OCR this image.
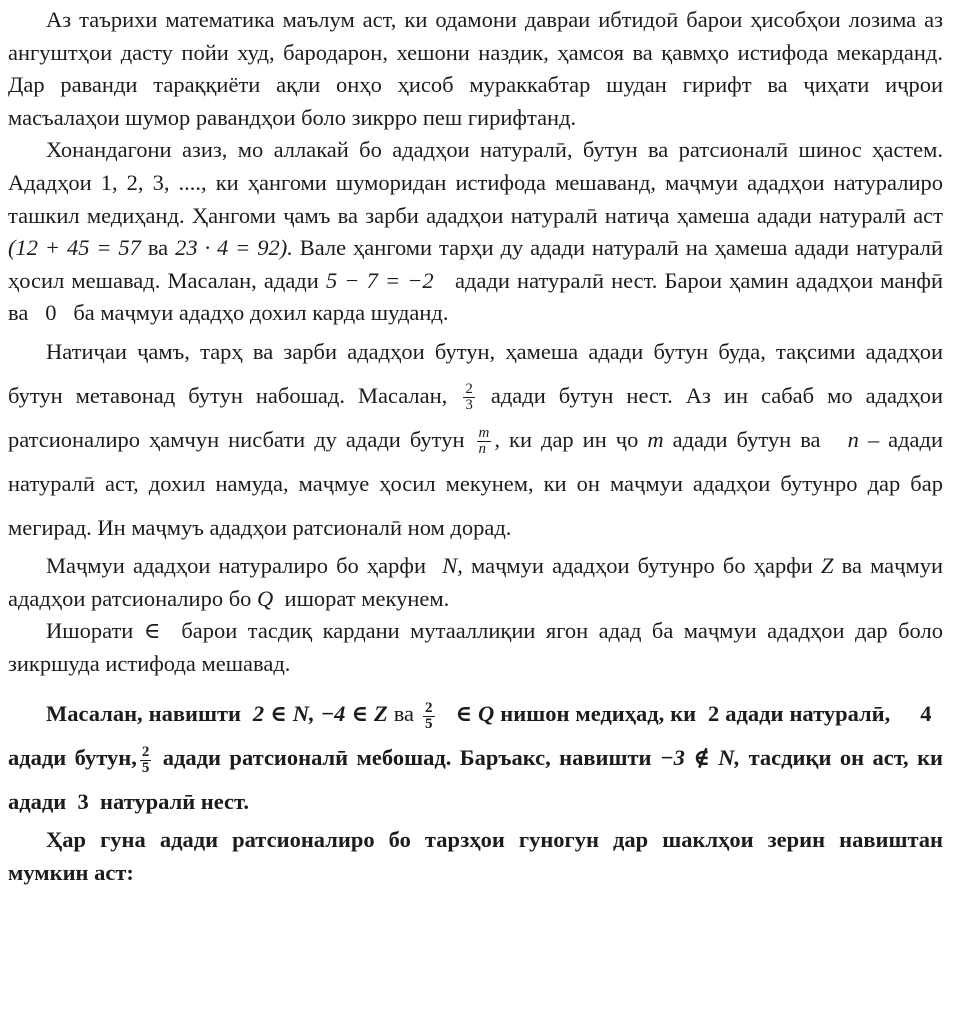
Аз таърихи математика маълум аст, ки одамони давраи ибтидоӣ барои ҳисобҳои лозима аз ангуштҳои дасту пойи худ, бародарон, хешони наздик, ҳамсоя ва қавмҳо истифода мекарданд. Дар раванди тараққиёти ақли онҳо ҳисоб мураккабтар шудан гирифт ва ҷиҳати иҷрои масъалаҳои шумор равандҳои боло зикрро пеш гирифтанд.

Хонандагони азиз, мо аллакай бо ададҳои натуралӣ, бутун ва ратсионалӣ шинос ҳастем. Ададҳои 1, 2, 3, ...., ки ҳангоми шуморидан истифода мешаванд, маҷмуи ададҳои натуралиро ташкил медиҳанд. Ҳангоми ҷамъ ва зарби ададҳои натуралӣ натиҷа ҳамеша адади натуралӣ аст (12 + 45 = 57 ва 23 · 4 = 92). Вале ҳангоми тарҳи ду адади натуралӣ на ҳамеша адади натуралӣ ҳосил мешавад. Масалан, адади 5 − 7 = −2 адади натуралӣ нест. Барои ҳамин ададҳои манфӣ ва 0 ба маҷмуи ададҳо дохил карда шуданд.

Натиҷаи ҷамъ, тарҳ ва зарби ададҳои бутун, ҳамеша адади бутун буда, тақсими ададҳои бутун метавонад бутун набошад. Масалан, $\frac{2}{3}$ адади бутун нест. Аз ин сабаб мо ададҳои ратсионалиро ҳамчун нисбати ду адади бутун $\frac{m}{n}$ , ки дар ин ҷо m адади бутун ва n – адади натуралӣ аст, дохил намуда, маҷмуе ҳосил мекунем, ки он маҷмуи ададҳои бутунро дар бар мегирад. Ин маҷмуъ ададҳои ратсионалӣ ном дорад.

Маҷмуи ададҳои натуралиро бо ҳарфи N, маҷмуи ададҳои бутунро бо ҳарфи Z ва маҷмуи ададҳои ратсионалиро бо Q ишорат мекунем.

Ишорати ∈ барои тасдиқ кардани мутааллиқии ягон адад ба маҷмуи ададҳои дар боло зикршуда истифода мешавад.

Масалан, навишти 2 ∈ N, −4 ∈ Z ва $\frac{2}{5}$ ∈ Q нишон медиҳад, ки 2 адади натуралӣ, 4   адади бутун, $\frac{2}{5}$ адади ратсионалӣ мебошад. Баръакс, навишти −3 ∉ N, тасдиқи он аст, ки адади 3 натуралӣ нест.

Ҳар гуна адади ратсионалиро бо тарзҳои гуногун дар шаклҳои зерин навиштан мумкин аст:
